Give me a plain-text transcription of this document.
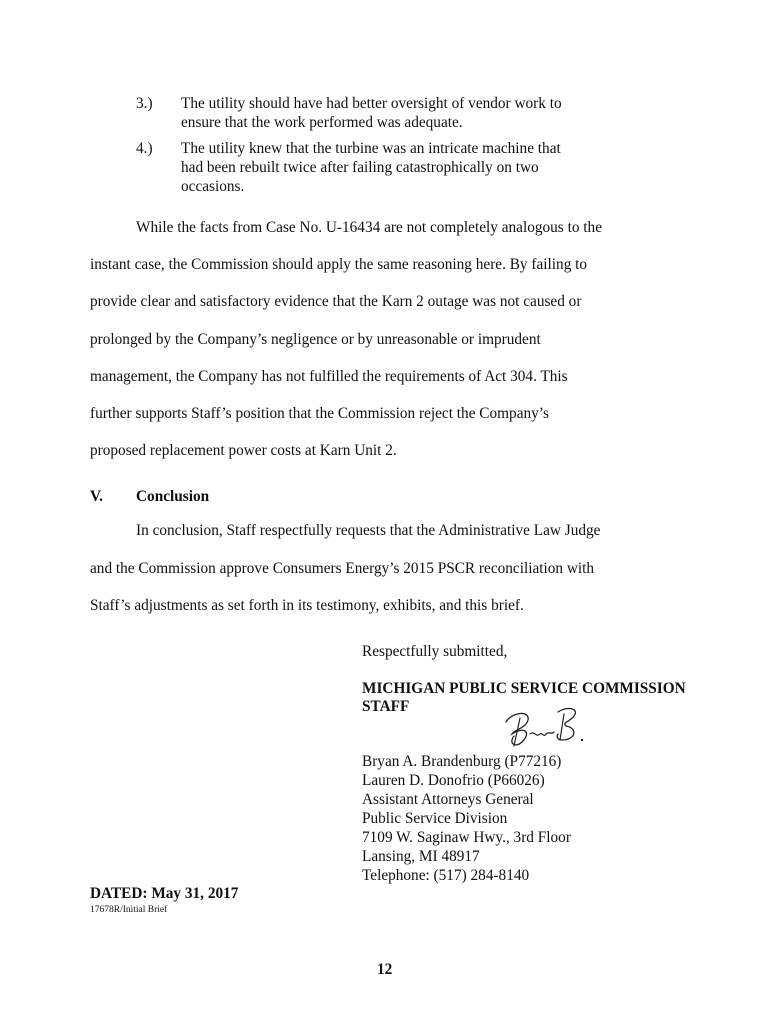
3.) The utility should have had better oversight of vendor work to
ensure that the work performed was adequate.
4.) The utility knew that the turbine was an intricate machine that
had been rebuilt twice after failing catastrophically on two
occasions.
While the facts from Case No. U-16434 are not completely analogous to the
instant case, the Commission should apply the same reasoning here. By failing to
provide clear and satisfactory evidence that the Karn 2 outage was not caused or
prolonged by the Company’s negligence or by unreasonable or imprudent
management, the Company has not fulfilled the requirements of Act 304. This
further supports Staff’s position that the Commission reject the Company’s
proposed replacement power costs at Karn Unit 2.
V. Conclusion
In conclusion, Staff respectfully requests that the Administrative Law Judge
and the Commission approve Consumers Energy’s 2015 PSCR reconciliation with
Staff’s adjustments as set forth in its testimony, exhibits, and this brief.
Respectfully submitted,
MICHIGAN PUBLIC SERVICE COMMISSION
STAFF
Bryan A. Brandenburg (P77216)
Lauren D. Donofrio (P66026)
Assistant Attorneys General
Public Service Division
7109 W. Saginaw Hwy., 3rd Floor
Lansing, MI 48917
Telephone: (517) 284-8140
DATED: May 31, 2017
17678R/Initial Brief
12
